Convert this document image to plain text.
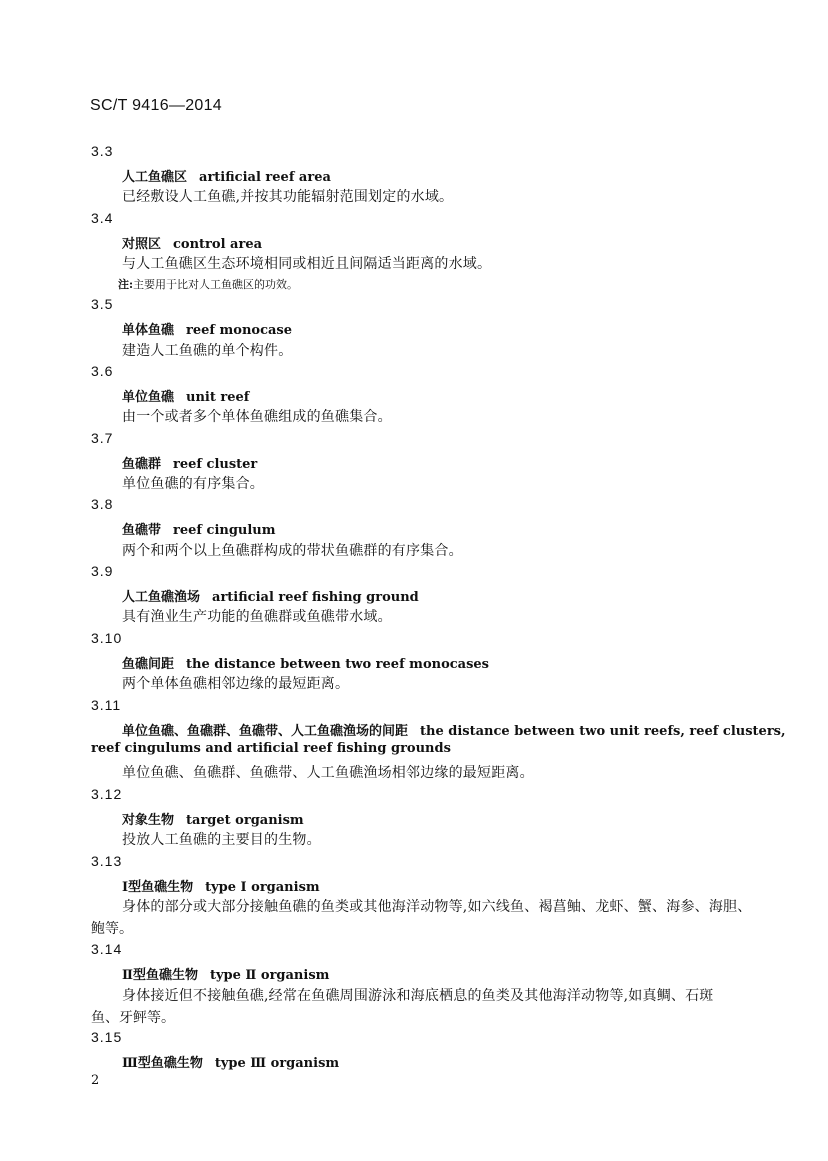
SC/T 9416—2014
3.3
人工鱼礁区 artificial reef area
已经敷设人工鱼礁,并按其功能辐射范围划定的水域。
3.4
对照区 control area
与人工鱼礁区生态环境相同或相近且间隔适当距离的水域。
注:主要用于比对人工鱼礁区的功效。
3.5
单体鱼礁 reef monocase
建造人工鱼礁的单个构件。
3.6
单位鱼礁 unit reef
由一个或者多个单体鱼礁组成的鱼礁集合。
3.7
鱼礁群 reef cluster
单位鱼礁的有序集合。
3.8
鱼礁带 reef cingulum
两个和两个以上鱼礁群构成的带状鱼礁群的有序集合。
3.9
人工鱼礁渔场 artificial reef fishing ground
具有渔业生产功能的鱼礁群或鱼礁带水域。
3.10
鱼礁间距 the distance between two reef monocases
两个单体鱼礁相邻边缘的最短距离。
3.11
单位鱼礁、鱼礁群、鱼礁带、人工鱼礁渔场的间距 the distance between two unit reefs, reef clusters,
reef cingulums and artificial reef fishing grounds
单位鱼礁、鱼礁群、鱼礁带、人工鱼礁渔场相邻边缘的最短距离。
3.12
对象生物 target organism
投放人工鱼礁的主要目的生物。
3.13
Ⅰ型鱼礁生物 type I organism
身体的部分或大部分接触鱼礁的鱼类或其他海洋动物等,如六线鱼、褐菖鲉、龙虾、蟹、海参、海胆、
鲍等。
3.14
Ⅱ型鱼礁生物 type Ⅱ organism
身体接近但不接触鱼礁,经常在鱼礁周围游泳和海底栖息的鱼类及其他海洋动物等,如真鲷、石斑
鱼、牙鲆等。
3.15
Ⅲ型鱼礁生物 type Ⅲ organism
2
